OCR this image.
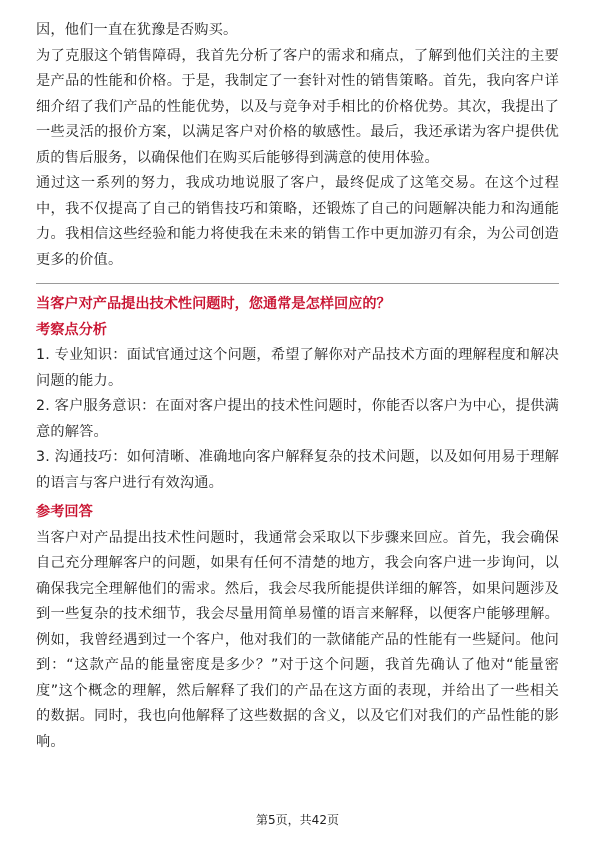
因，他们一直在犹豫是否购买。

为了克服这个销售障碍，我首先分析了客户的需求和痛点，了解到他们关注的主要是产品的性能和价格。于是，我制定了一套针对性的销售策略。首先，我向客户详细介绍了我们产品的性能优势，以及与竞争对手相比的价格优势。其次，我提出了一些灵活的报价方案，以满足客户对价格的敏感性。最后，我还承诺为客户提供优质的售后服务，以确保他们在购买后能够得到满意的使用体验。

通过这一系列的努力，我成功地说服了客户，最终促成了这笔交易。在这个过程中，我不仅提高了自己的销售技巧和策略，还锻炼了自己的问题解决能力和沟通能力。我相信这些经验和能力将使我在未来的销售工作中更加游刃有余，为公司创造更多的价值。

当客户对产品提出技术性问题时，您通常是怎样回应的？
考察点分析

1. 专业知识：面试官通过这个问题，希望了解你对产品技术方面的理解程度和解决问题的能力。

2. 客户服务意识：在面对客户提出的技术性问题时，你能否以客户为中心，提供满意的解答。

3. 沟通技巧：如何清晰、准确地向客户解释复杂的技术问题，以及如何用易于理解的语言与客户进行有效沟通。

参考回答

当客户对产品提出技术性问题时，我通常会采取以下步骤来回应。首先，我会确保自己充分理解客户的问题，如果有任何不清楚的地方，我会向客户进一步询问，以确保我完全理解他们的需求。然后，我会尽我所能提供详细的解答，如果问题涉及到一些复杂的技术细节，我会尽量用简单易懂的语言来解释，以便客户能够理解。例如，我曾经遇到过一个客户，他对我们的一款储能产品的性能有一些疑问。他问到：“这款产品的能量密度是多少？”对于这个问题，我首先确认了他对“能量密度”这个概念的理解，然后解释了我们的产品在这方面的表现，并给出了一些相关的数据。同时，我也向他解释了这些数据的含义，以及它们对我们的产品性能的影响。

第5页，共42页
